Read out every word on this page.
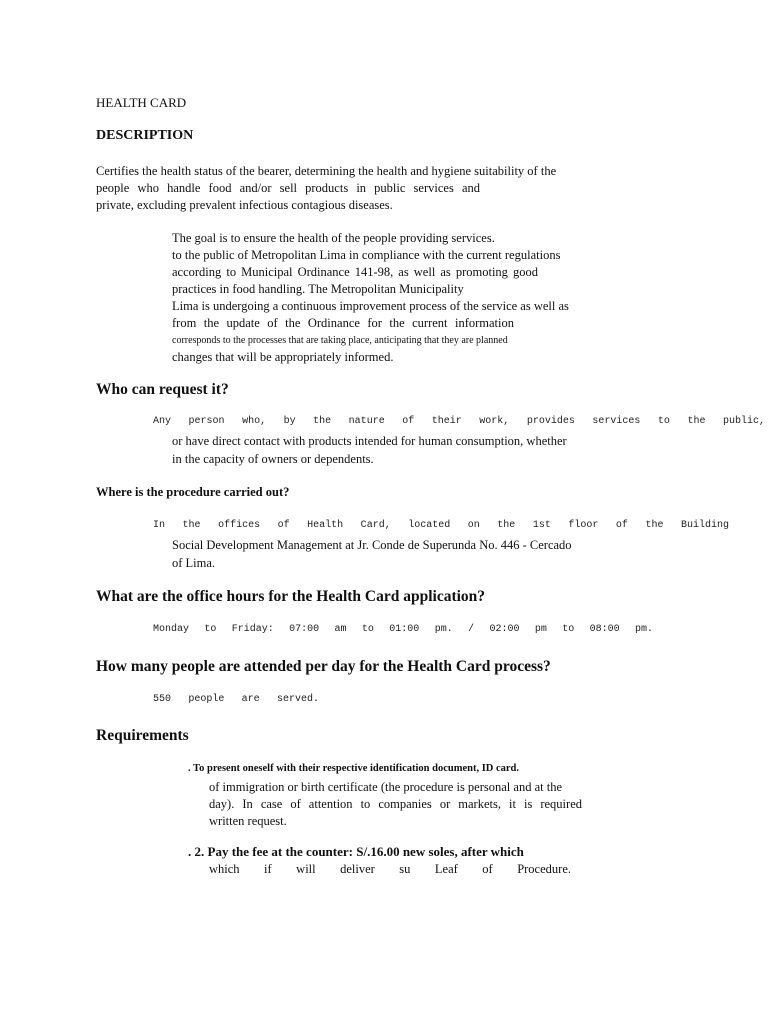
HEALTH CARD
DESCRIPTION
Certifies the health status of the bearer, determining the health and hygiene suitability of the
people who handle food and/or sell products in public services and
private, excluding prevalent infectious contagious diseases.
The goal is to ensure the health of the people providing services.
to the public of Metropolitan Lima in compliance with the current regulations
according to Municipal Ordinance 141-98, as well as promoting good
practices in food handling. The Metropolitan Municipality
Lima is undergoing a continuous improvement process of the service as well as
from the update of the Ordinance for the current information
corresponds to the processes that are taking place, anticipating that they are planned
changes that will be appropriately informed.
Who can request it?
Any person who, by the nature of their work, provides services to the public,
or have direct contact with products intended for human consumption, whether
in the capacity of owners or dependents.
Where is the procedure carried out?
In the offices of Health Card, located on the 1st floor of the Building
Social Development Management at Jr. Conde de Superunda No. 446 - Cercado
of Lima.
What are the office hours for the Health Card application?
Monday to Friday: 07:00 am to 01:00 pm. / 02:00 pm to 08:00 pm.
How many people are attended per day for the Health Card process?
550 people are served.
Requirements
. To present oneself with their respective identification document, ID card.
of immigration or birth certificate (the procedure is personal and at the
day). In case of attention to companies or markets, it is required
written request.
. 2. Pay the fee at the counter: S/.16.00 new soles, after which
which if will deliver su Leaf of Procedure.
